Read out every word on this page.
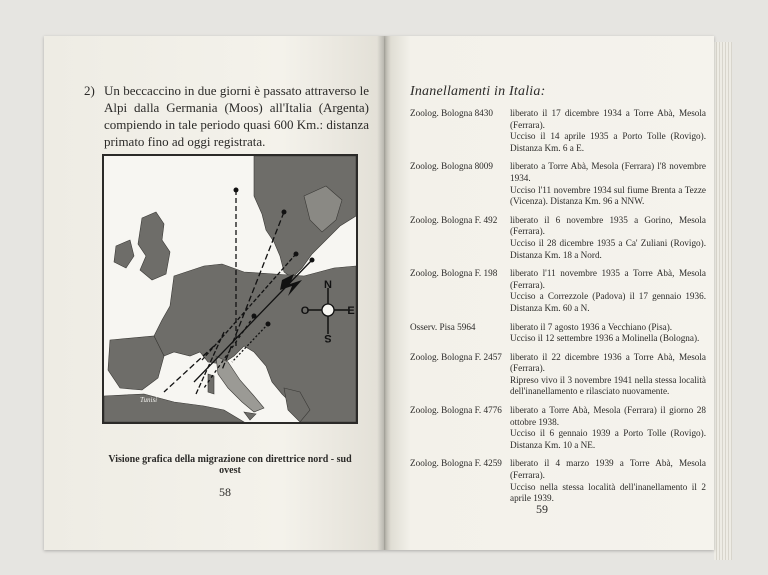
2) Un beccaccino in due giorni è passato attraverso le Alpi dalla Germania (Moos) all'Italia (Argenta) compiendo in tale periodo quasi 600 Km.: distanza primato fino ad oggi registrata.
N
S
E
O
Tunisi
Visione grafica della migrazione con direttrice nord - sud ovest
58
Inanellamenti in Italia:
Zoolog. Bologna 8430	liberato il 17 dicembre 1934 a Torre Abà, Mesola (Ferrara).
Ucciso il 14 aprile 1935 a Porto Tolle (Rovigo). Distanza Km. 6 a E.
Zoolog. Bologna 8009	liberato a Torre Abà, Mesola (Ferrara) l'8 novembre 1934.
Ucciso l'11 novembre 1934 sul fiume Brenta a Tezze (Vicenza). Distanza Km. 96 a NNW.
Zoolog. Bologna F. 492	liberato il 6 novembre 1935 a Gorino, Mesola (Ferrara).
Ucciso il 28 dicembre 1935 a Ca' Zuliani (Rovigo). Distanza Km. 18 a Nord.
Zoolog. Bologna F. 198	liberato l'11 novembre 1935 a Torre Abà, Mesola (Ferrara).
Ucciso a Correzzole (Padova) il 17 gennaio 1936. Distanza Km. 60 a N.
Osserv. Pisa 5964	liberato il 7 agosto 1936 a Vecchiano (Pisa).
Ucciso il 12 settembre 1936 a Molinella (Bologna).
Zoolog. Bologna F. 2457 liberato il 22 dicembre 1936 a Torre Abà, Mesola (Ferrara).
Ripreso vivo il 3 novembre 1941 nella stessa località dell'inanellamento e rilasciato nuovamente.
Zoolog. Bologna F. 4776 liberato a Torre Abà, Mesola (Ferrara) il giorno 28 ottobre 1938.
Ucciso il 6 gennaio 1939 a Porto Tolle (Rovigo). Distanza Km. 10 a NE.
Zoolog. Bologna F. 4259 liberato il 4 marzo 1939 a Torre Abà, Mesola (Ferrara).
Ucciso nella stessa località dell'inanellamento il 2 aprile 1939.
59
